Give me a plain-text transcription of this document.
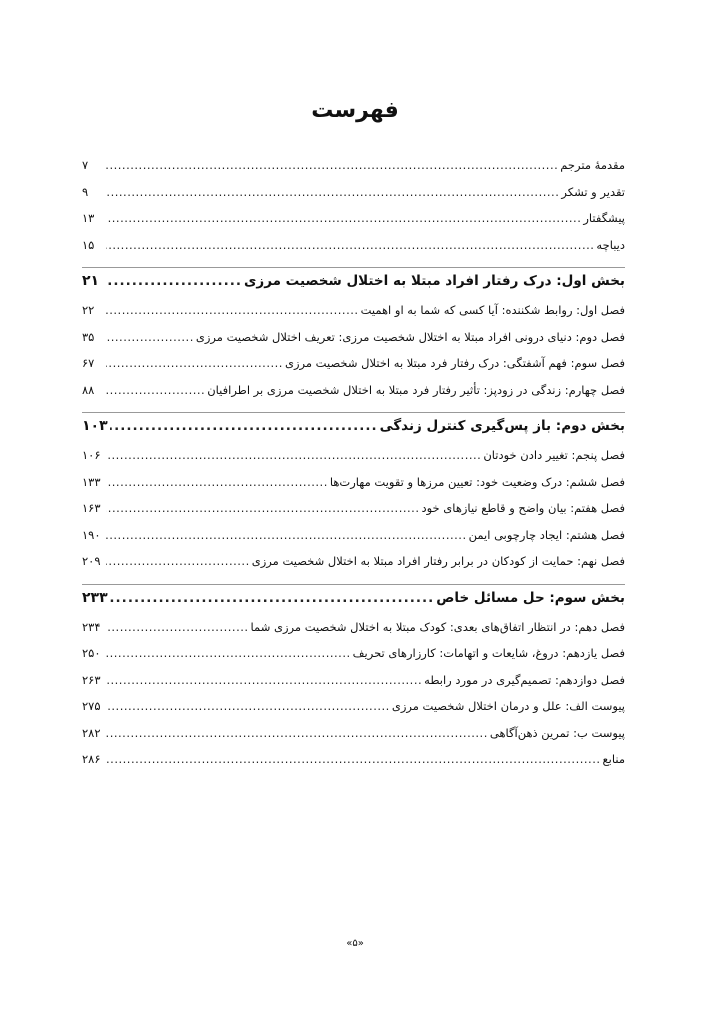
فهرست
مقدمهٔ مترجم
.....
۷
تقدیر و تشکر
.....
۹
پیشگفتار
.....
۱۳
دیباچه
.....
۱۵
بخش اول: درک رفتار افراد مبتلا به اختلال شخصیت مرزی
.....
۲۱
فصل اول: روابط شکننده: آیا کسی که شما به او اهمیت
.....
۲۲
فصل دوم: دنیای درونی افراد مبتلا به اختلال شخصیت مرزی: تعریف اختلال شخصیت مرزی
.....
۳۵
فصل سوم: فهم آشفتگی: درک رفتار فرد مبتلا به اختلال شخصیت مرزی
.....
۶۷
فصل چهارم: زندگی در زودپز: تأثیر رفتار فرد مبتلا به اختلال شخصیت مرزی بر اطرافیان
.....
۸۸
بخش دوم: باز پس‌گیری کنترل زندگی
.....
۱۰۳
فصل پنجم: تغییر دادن خودتان
.....
۱۰۶
فصل ششم: درک وضعیت خود: تعیین مرزها و تقویت مهارت‌ها
.....
۱۳۳
فصل هفتم: بیان واضح و قاطع نیازهای خود
.....
۱۶۳
فصل هشتم: ایجاد چارچوبی ایمن
.....
۱۹۰
فصل نهم: حمایت از کودکان در برابر رفتار افراد مبتلا به اختلال شخصیت مرزی
.....
۲۰۹
بخش سوم: حل مسائل خاص
.....
۲۳۳
فصل دهم: در انتظار اتفاق‌های بعدی: کودک مبتلا به اختلال شخصیت مرزی شما
.....
۲۳۴
فصل یازدهم: دروغ، شایعات و اتهامات: کارزارهای تحریف
.....
۲۵۰
فصل دوازدهم: تصمیم‌گیری در مورد رابطه
.....
۲۶۳
پیوست الف: علل و درمان اختلال شخصیت مرزی
.....
۲۷۵
پیوست ب: تمرین ذهن‌آگاهی
.....
۲۸۲
منابع
.....
۲۸۶
«۵»
